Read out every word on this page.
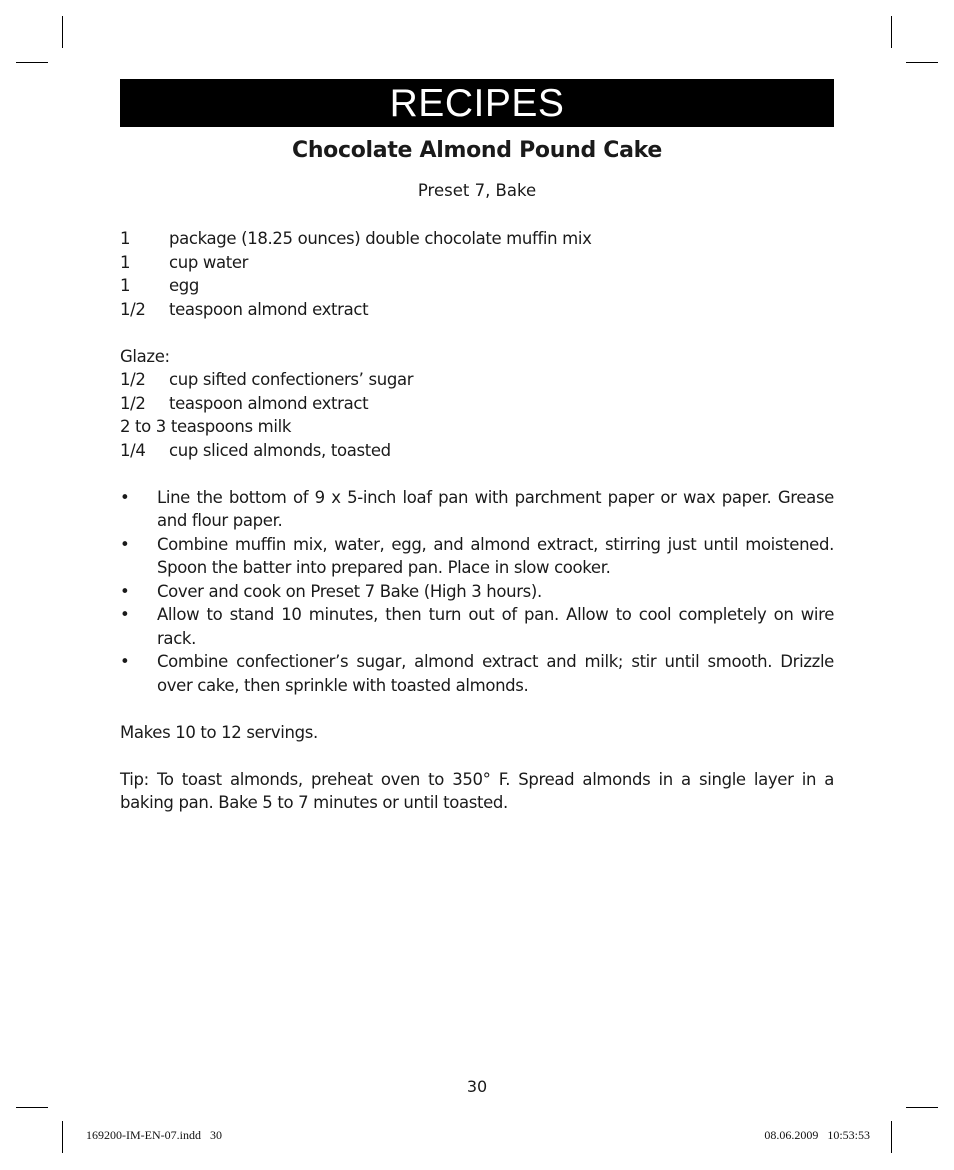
RECIPES
Chocolate Almond Pound Cake
Preset 7, Bake
1	package (18.25 ounces) double chocolate muffin mix
1	cup water
1	egg
1/2	teaspoon almond extract
Glaze:
1/2	cup sifted confectioners’ sugar
1/2	teaspoon almond extract
2 to 3 teaspoons milk
1/4	cup sliced almonds, toasted
•	Line the bottom of 9 x 5-inch loaf pan with parchment paper or wax paper. Grease and flour paper.
•	Combine muffin mix, water, egg, and almond extract, stirring just until moistened. Spoon the batter into prepared pan. Place in slow cooker.
•	Cover and cook on Preset 7 Bake (High 3 hours).
•	Allow to stand 10 minutes, then turn out of pan. Allow to cool completely on wire rack.
•	Combine confectioner’s sugar, almond extract and milk; stir until smooth. Drizzle over cake, then sprinkle with toasted almonds.

Makes 10 to 12 servings.

Tip: To toast almonds, preheat oven to 350° F. Spread almonds in a single layer in a baking pan. Bake 5 to 7 minutes or until toasted.

30
169200-IM-EN-07.indd   30	08.06.2009   10:53:53
